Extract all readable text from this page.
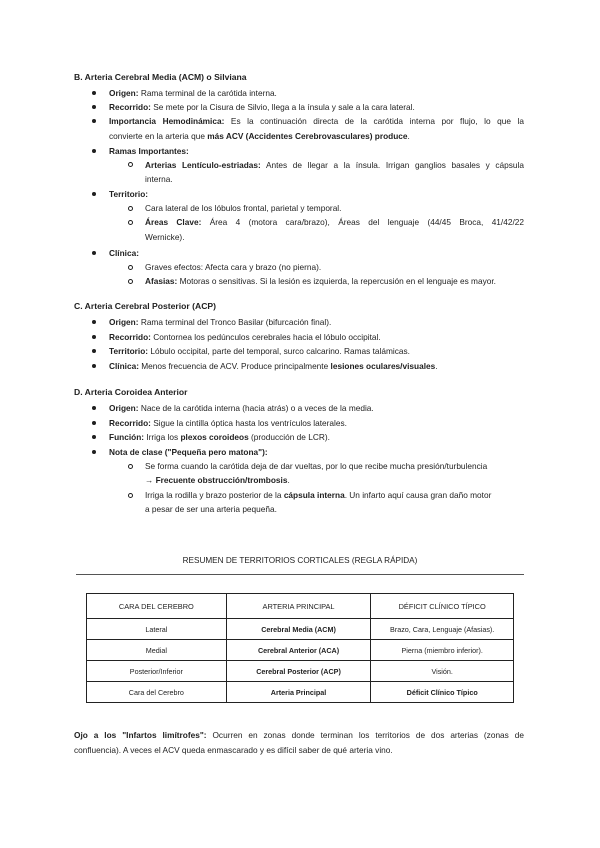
B. Arteria Cerebral Media (ACM) o Silviana
Origen: Rama terminal de la carótida interna.
Recorrido: Se mete por la Cisura de Silvio, llega a la ínsula y sale a la cara lateral.
Importancia Hemodinámica: Es la continuación directa de la carótida interna por flujo, lo que la
convierte en la arteria que más ACV (Accidentes Cerebrovasculares) produce.
Ramas Importantes:
Arterias Lentículo-estriadas: Antes de llegar a la ínsula. Irrigan ganglios basales y cápsula
interna.
Territorio:
Cara lateral de los lóbulos frontal, parietal y temporal.
Áreas Clave: Área 4 (motora cara/brazo), Áreas del lenguaje (44/45 Broca, 41/42/22
Wernicke).
Clínica:
Graves efectos: Afecta cara y brazo (no pierna).
Afasias: Motoras o sensitivas. Si la lesión es izquierda, la repercusión en el lenguaje es mayor.
C. Arteria Cerebral Posterior (ACP)
Origen: Rama terminal del Tronco Basilar (bifurcación final).
Recorrido: Contornea los pedúnculos cerebrales hacia el lóbulo occipital.
Territorio: Lóbulo occipital, parte del temporal, surco calcarino. Ramas talámicas.
Clínica: Menos frecuencia de ACV. Produce principalmente lesiones oculares/visuales.
D. Arteria Coroidea Anterior
Origen: Nace de la carótida interna (hacia atrás) o a veces de la media.
Recorrido: Sigue la cintilla óptica hasta los ventrículos laterales.
Función: Irriga los plexos coroideos (producción de LCR).
Nota de clase ("Pequeña pero matona"):
Se forma cuando la carótida deja de dar vueltas, por lo que recibe mucha presión/turbulencia
→ Frecuente obstrucción/trombosis.
Irriga la rodilla y brazo posterior de la cápsula interna. Un infarto aquí causa gran daño motor
a pesar de ser una arteria pequeña.
RESUMEN DE TERRITORIOS CORTICALES (REGLA RÁPIDA)
CARA DEL CEREBRO	ARTERIA PRINCIPAL	DÉFICIT CLÍNICO TÍPICO
Lateral	Cerebral Media (ACM)	Brazo, Cara, Lenguaje (Afasias).
Medial	Cerebral Anterior (ACA)	Pierna (miembro inferior).
Posterior/Inferior	Cerebral Posterior (ACP)	Visión.
Cara del Cerebro	Arteria Principal	Déficit Clínico Típico
Ojo a los "Infartos limítrofes": Ocurren en zonas donde terminan los territorios de dos arterias (zonas de
confluencia). A veces el ACV queda enmascarado y es difícil saber de qué arteria vino.
